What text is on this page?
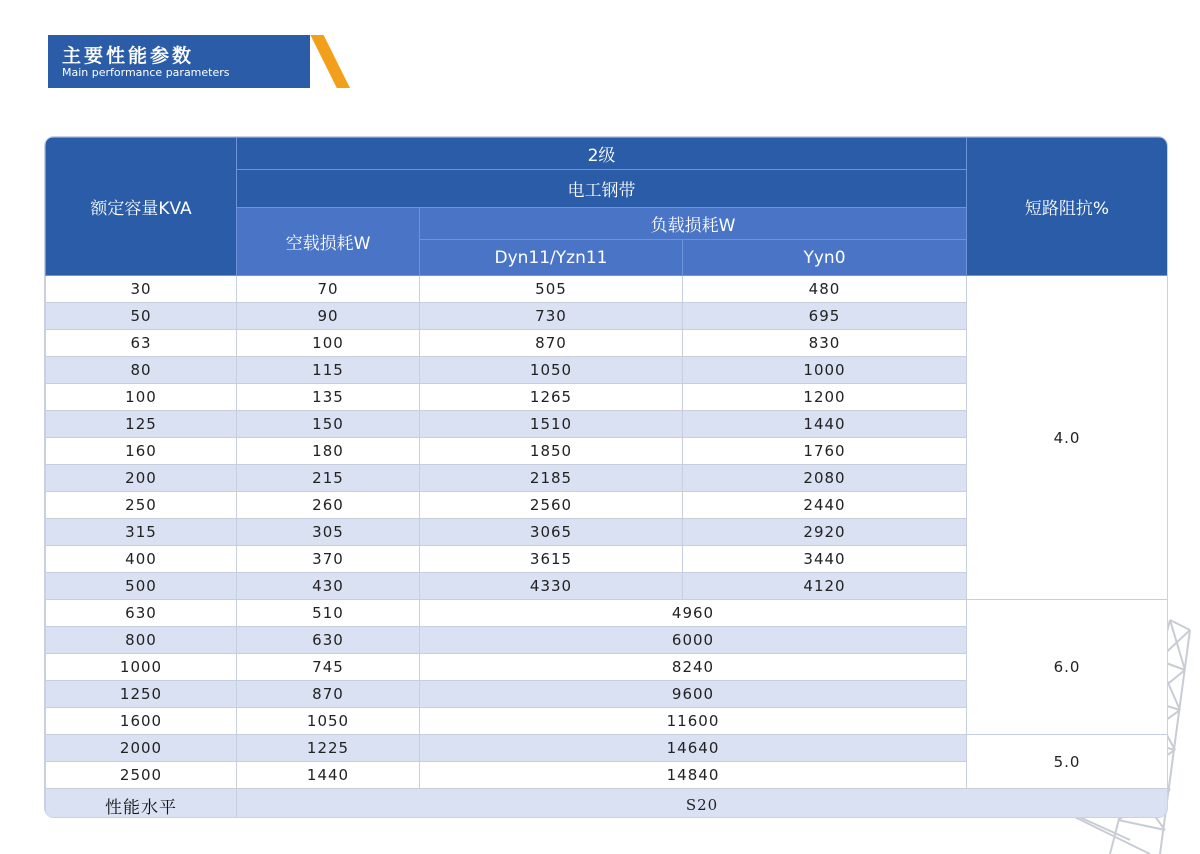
主要性能参数
Main performance parameters
额定容量KVA	2级			短路阻抗%
	电工钢带			
	空载损耗W	负载损耗W		
		Dyn11/Yzn11	Yyn0	
30	70	505	480	4.0
50	90	730	695	
63	100	870	830	
80	115	1050	1000	
100	135	1265	1200	
125	150	1510	1440	
160	180	1850	1760	
200	215	2185	2080	
250	260	2560	2440	
315	305	3065	2920	
400	370	3615	3440	
500	430	4330	4120	
630	510	4960		6.0
800	630	6000		
1000	745	8240		
1250	870	9600		
1600	1050	11600		
2000	1225	14640		5.0
2500	1440	14840		
性能水平	S20			
